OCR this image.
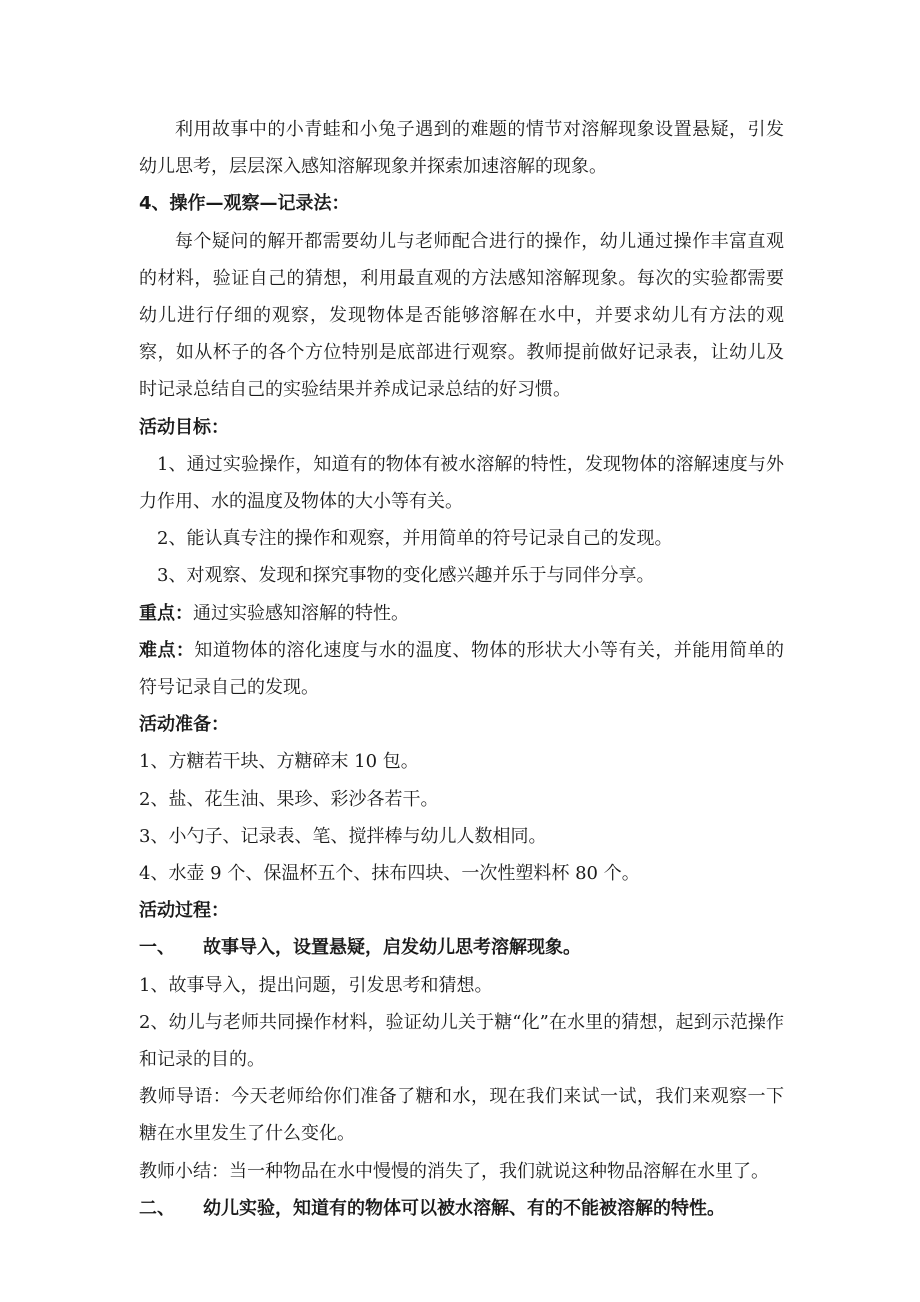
利用故事中的小青蛙和小兔子遇到的难题的情节对溶解现象设置悬疑，引发幼儿思考，层层深入感知溶解现象并探索加速溶解的现象。

4、操作—观察—记录法：

每个疑问的解开都需要幼儿与老师配合进行的操作，幼儿通过操作丰富直观的材料，验证自己的猜想，利用最直观的方法感知溶解现象。每次的实验都需要幼儿进行仔细的观察，发现物体是否能够溶解在水中，并要求幼儿有方法的观察，如从杯子的各个方位特别是底部进行观察。教师提前做好记录表，让幼儿及时记录总结自己的实验结果并养成记录总结的好习惯。

活动目标：

1、通过实验操作，知道有的物体有被水溶解的特性，发现物体的溶解速度与外力作用、水的温度及物体的大小等有关。

2、能认真专注的操作和观察，并用简单的符号记录自己的发现。

3、对观察、发现和探究事物的变化感兴趣并乐于与同伴分享。

重点：通过实验感知溶解的特性。

难点：知道物体的溶化速度与水的温度、物体的形状大小等有关，并能用简单的符号记录自己的发现。

活动准备：

1、方糖若干块、方糖碎末 10 包。

2、盐、花生油、果珍、彩沙各若干。

3、小勺子、记录表、笔、搅拌棒与幼儿人数相同。

4、水壶 9 个、保温杯五个、抹布四块、一次性塑料杯 80 个。

活动过程：

一、	故事导入，设置悬疑，启发幼儿思考溶解现象。

1、故事导入，提出问题，引发思考和猜想。

2、幼儿与老师共同操作材料，验证幼儿关于糖“化”在水里的猜想，起到示范操作和记录的目的。

教师导语：今天老师给你们准备了糖和水，现在我们来试一试，我们来观察一下糖在水里发生了什么变化。

教师小结：当一种物品在水中慢慢的消失了，我们就说这种物品溶解在水里了。

二、	幼儿实验，知道有的物体可以被水溶解、有的不能被溶解的特性。
